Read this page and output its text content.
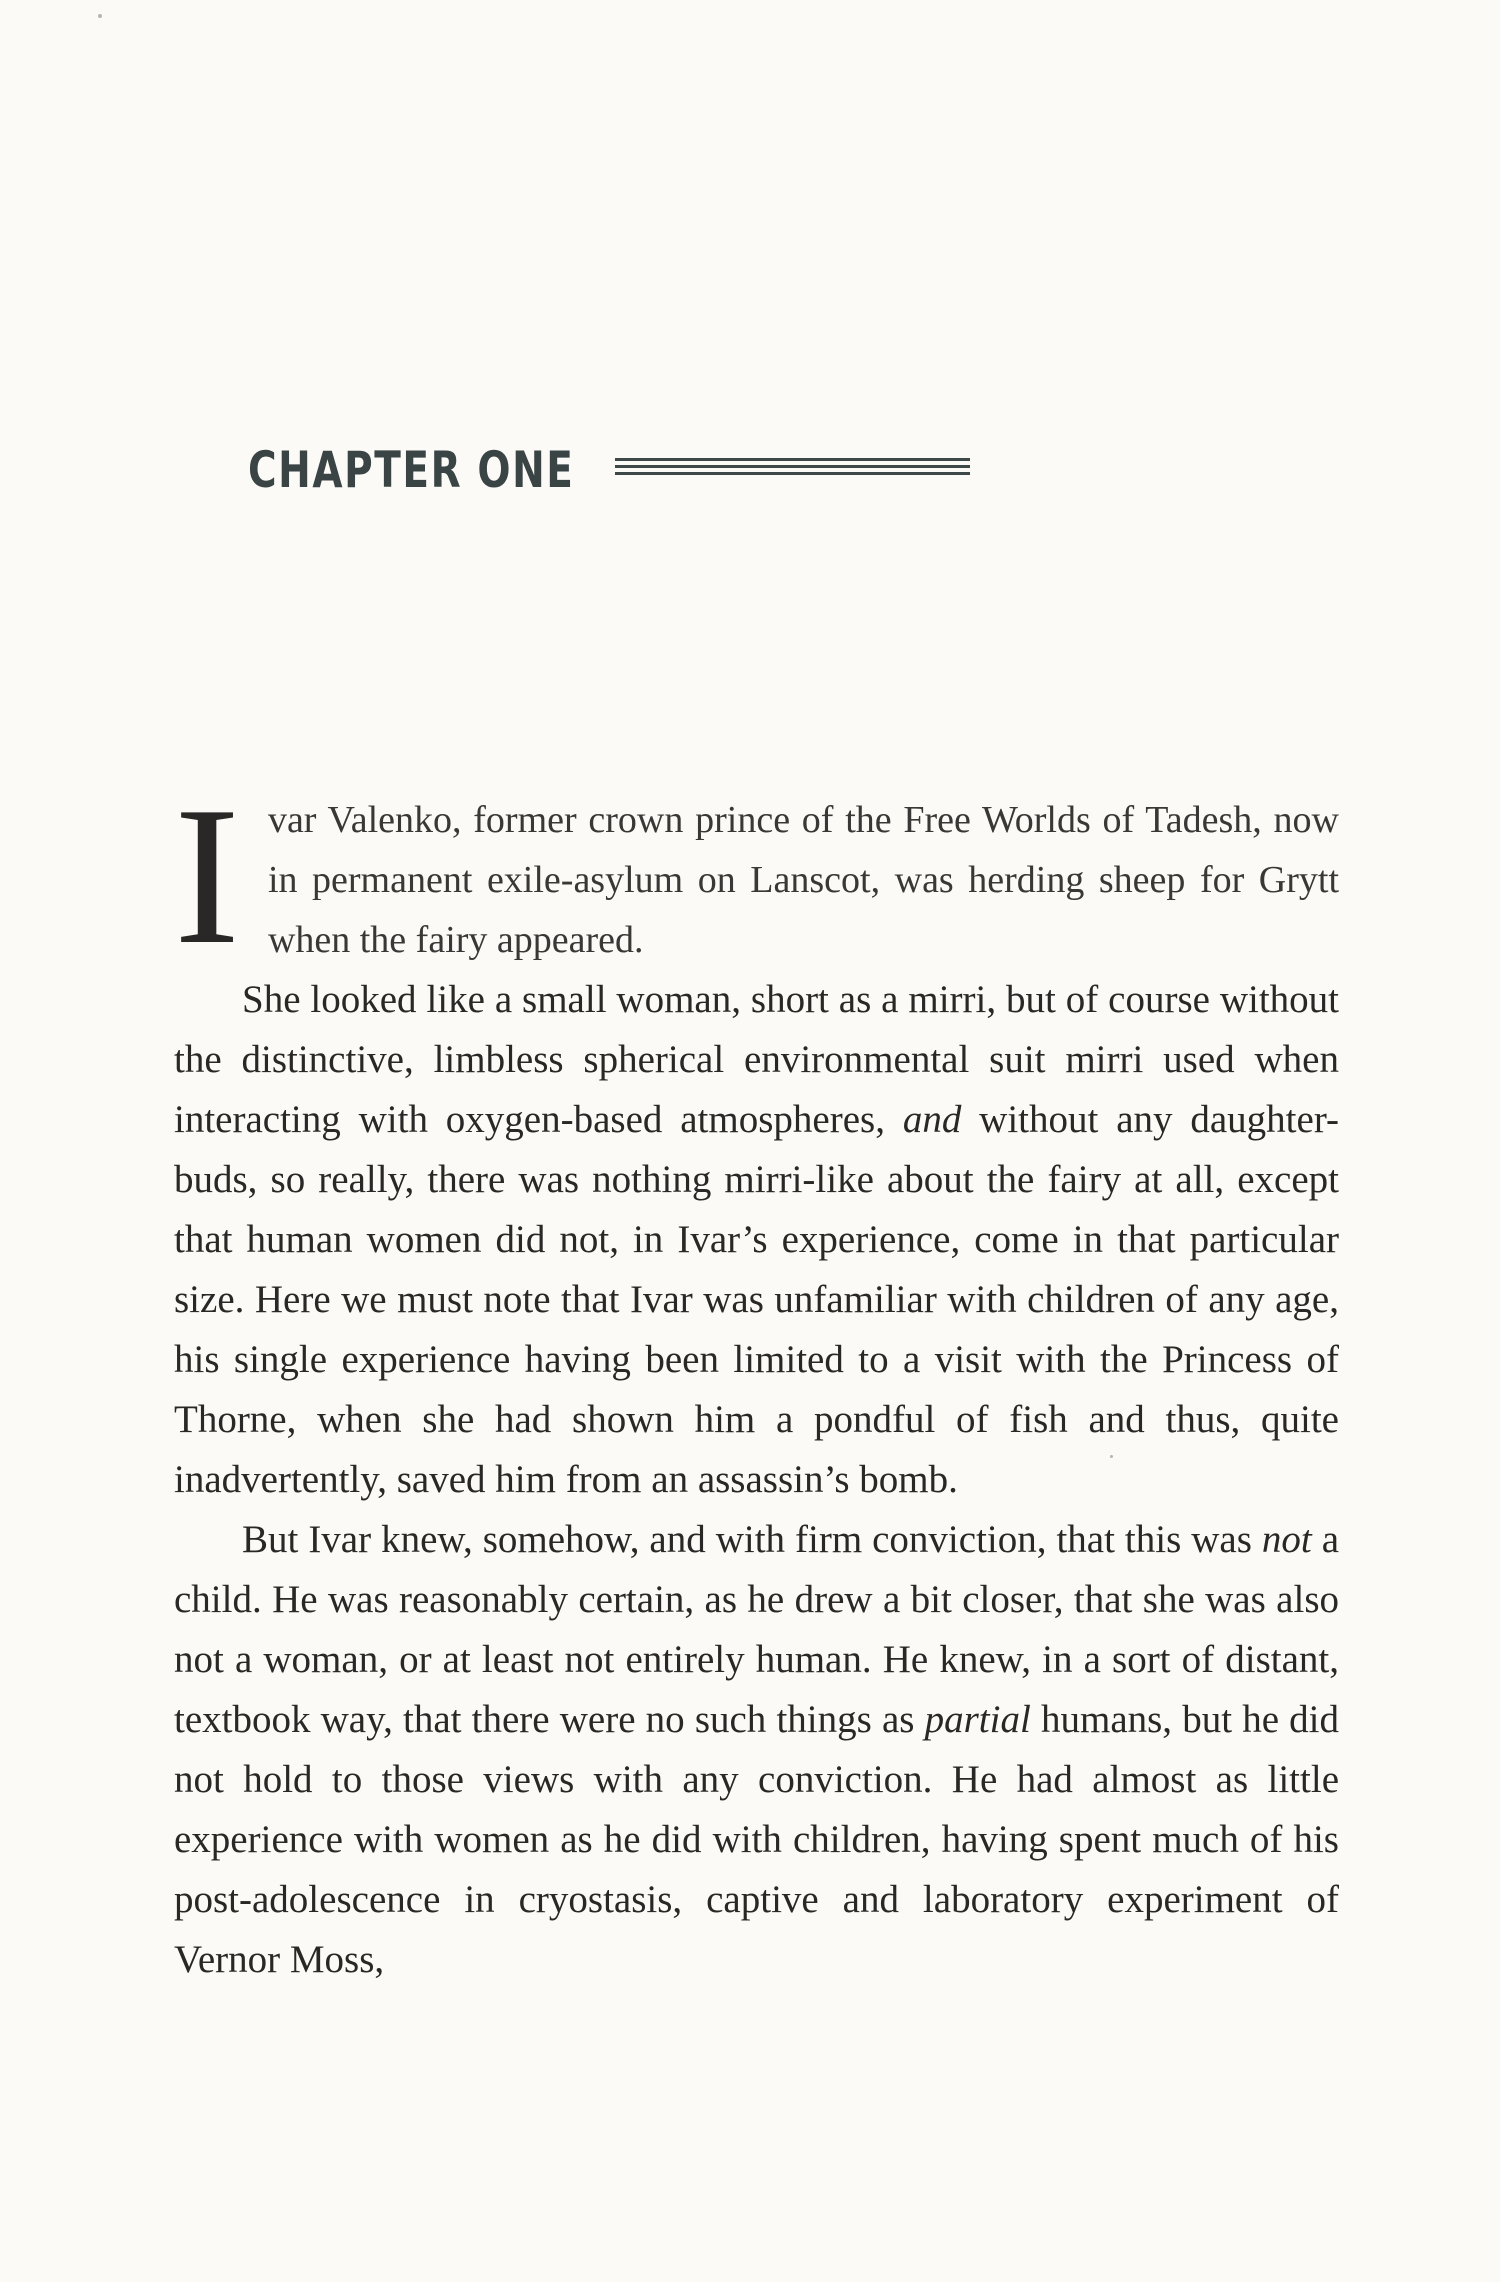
CHAPTER ONE

Ivar Valenko, former crown prince of the Free Worlds of Tadesh, now in permanent exile-asylum on Lanscot, was herding sheep for Grytt when the fairy appeared.

She looked like a small woman, short as a mirri, but of course without the distinctive, limbless spherical environmental suit mirri used when interacting with oxygen-based atmospheres, and without any daughter-buds, so really, there was nothing mirri-like about the fairy at all, except that human women did not, in Ivar’s experience, come in that particular size. Here we must note that Ivar was unfamiliar with children of any age, his single experience having been limited to a visit with the Princess of Thorne, when she had shown him a pondful of fish and thus, quite inadvertently, saved him from an assassin’s bomb.

But Ivar knew, somehow, and with firm conviction, that this was not a child. He was reasonably certain, as he drew a bit closer, that she was also not a woman, or at least not entirely human. He knew, in a sort of distant, textbook way, that there were no such things as partial humans, but he did not hold to those views with any conviction. He had almost as little experience with women as he did with children, having spent much of his post-adolescence in cryostasis, captive and laboratory experiment of Vernor Moss,
